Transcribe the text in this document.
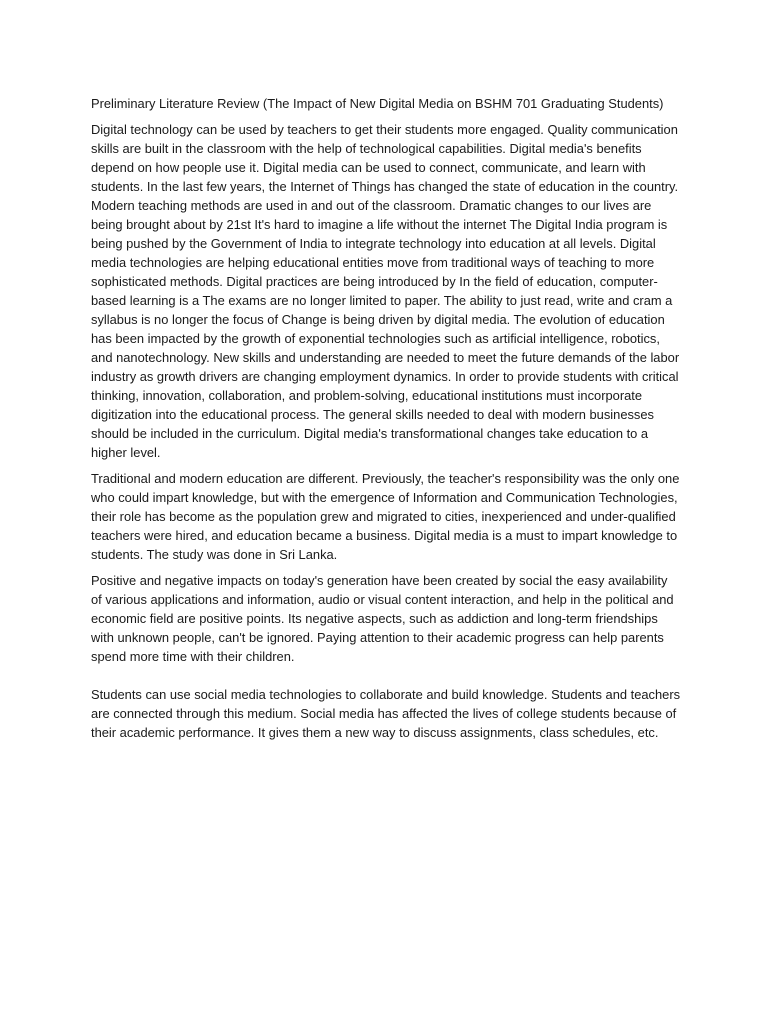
Preliminary Literature Review (The Impact of New Digital Media on BSHM 701 Graduating Students)

Digital technology can be used by teachers to get their students more engaged. Quality communication skills are built in the classroom with the help of technological capabilities. Digital media's benefits depend on how people use it. Digital media can be used to connect, communicate, and learn with students. In the last few years, the Internet of Things has changed the state of education in the country. Modern teaching methods are used in and out of the classroom. Dramatic changes to our lives are being brought about by 21st It's hard to imagine a life without the internet The Digital India program is being pushed by the Government of India to integrate technology into education at all levels. Digital media technologies are helping educational entities move from traditional ways of teaching to more sophisticated methods. Digital practices are being introduced by In the field of education, computer-based learning is a The exams are no longer limited to paper. The ability to just read, write and cram a syllabus is no longer the focus of Change is being driven by digital media. The evolution of education has been impacted by the growth of exponential technologies such as artificial intelligence, robotics, and nanotechnology. New skills and understanding are needed to meet the future demands of the labor industry as growth drivers are changing employment dynamics. In order to provide students with critical thinking, innovation, collaboration, and problem-solving, educational institutions must incorporate digitization into the educational process. The general skills needed to deal with modern businesses should be included in the curriculum. Digital media's transformational changes take education to a higher level.

Traditional and modern education are different. Previously, the teacher's responsibility was the only one who could impart knowledge, but with the emergence of Information and Communication Technologies, their role has become as the population grew and migrated to cities, inexperienced and under-qualified teachers were hired, and education became a business. Digital media is a must to impart knowledge to students. The study was done in Sri Lanka.

Positive and negative impacts on today's generation have been created by social the easy availability of various applications and information, audio or visual content interaction, and help in the political and economic field are positive points. Its negative aspects, such as addiction and long-term friendships with unknown people, can't be ignored. Paying attention to their academic progress can help parents spend more time with their children.

Students can use social media technologies to collaborate and build knowledge. Students and teachers are connected through this medium. Social media has affected the lives of college students because of their academic performance. It gives them a new way to discuss assignments, class schedules, etc.
